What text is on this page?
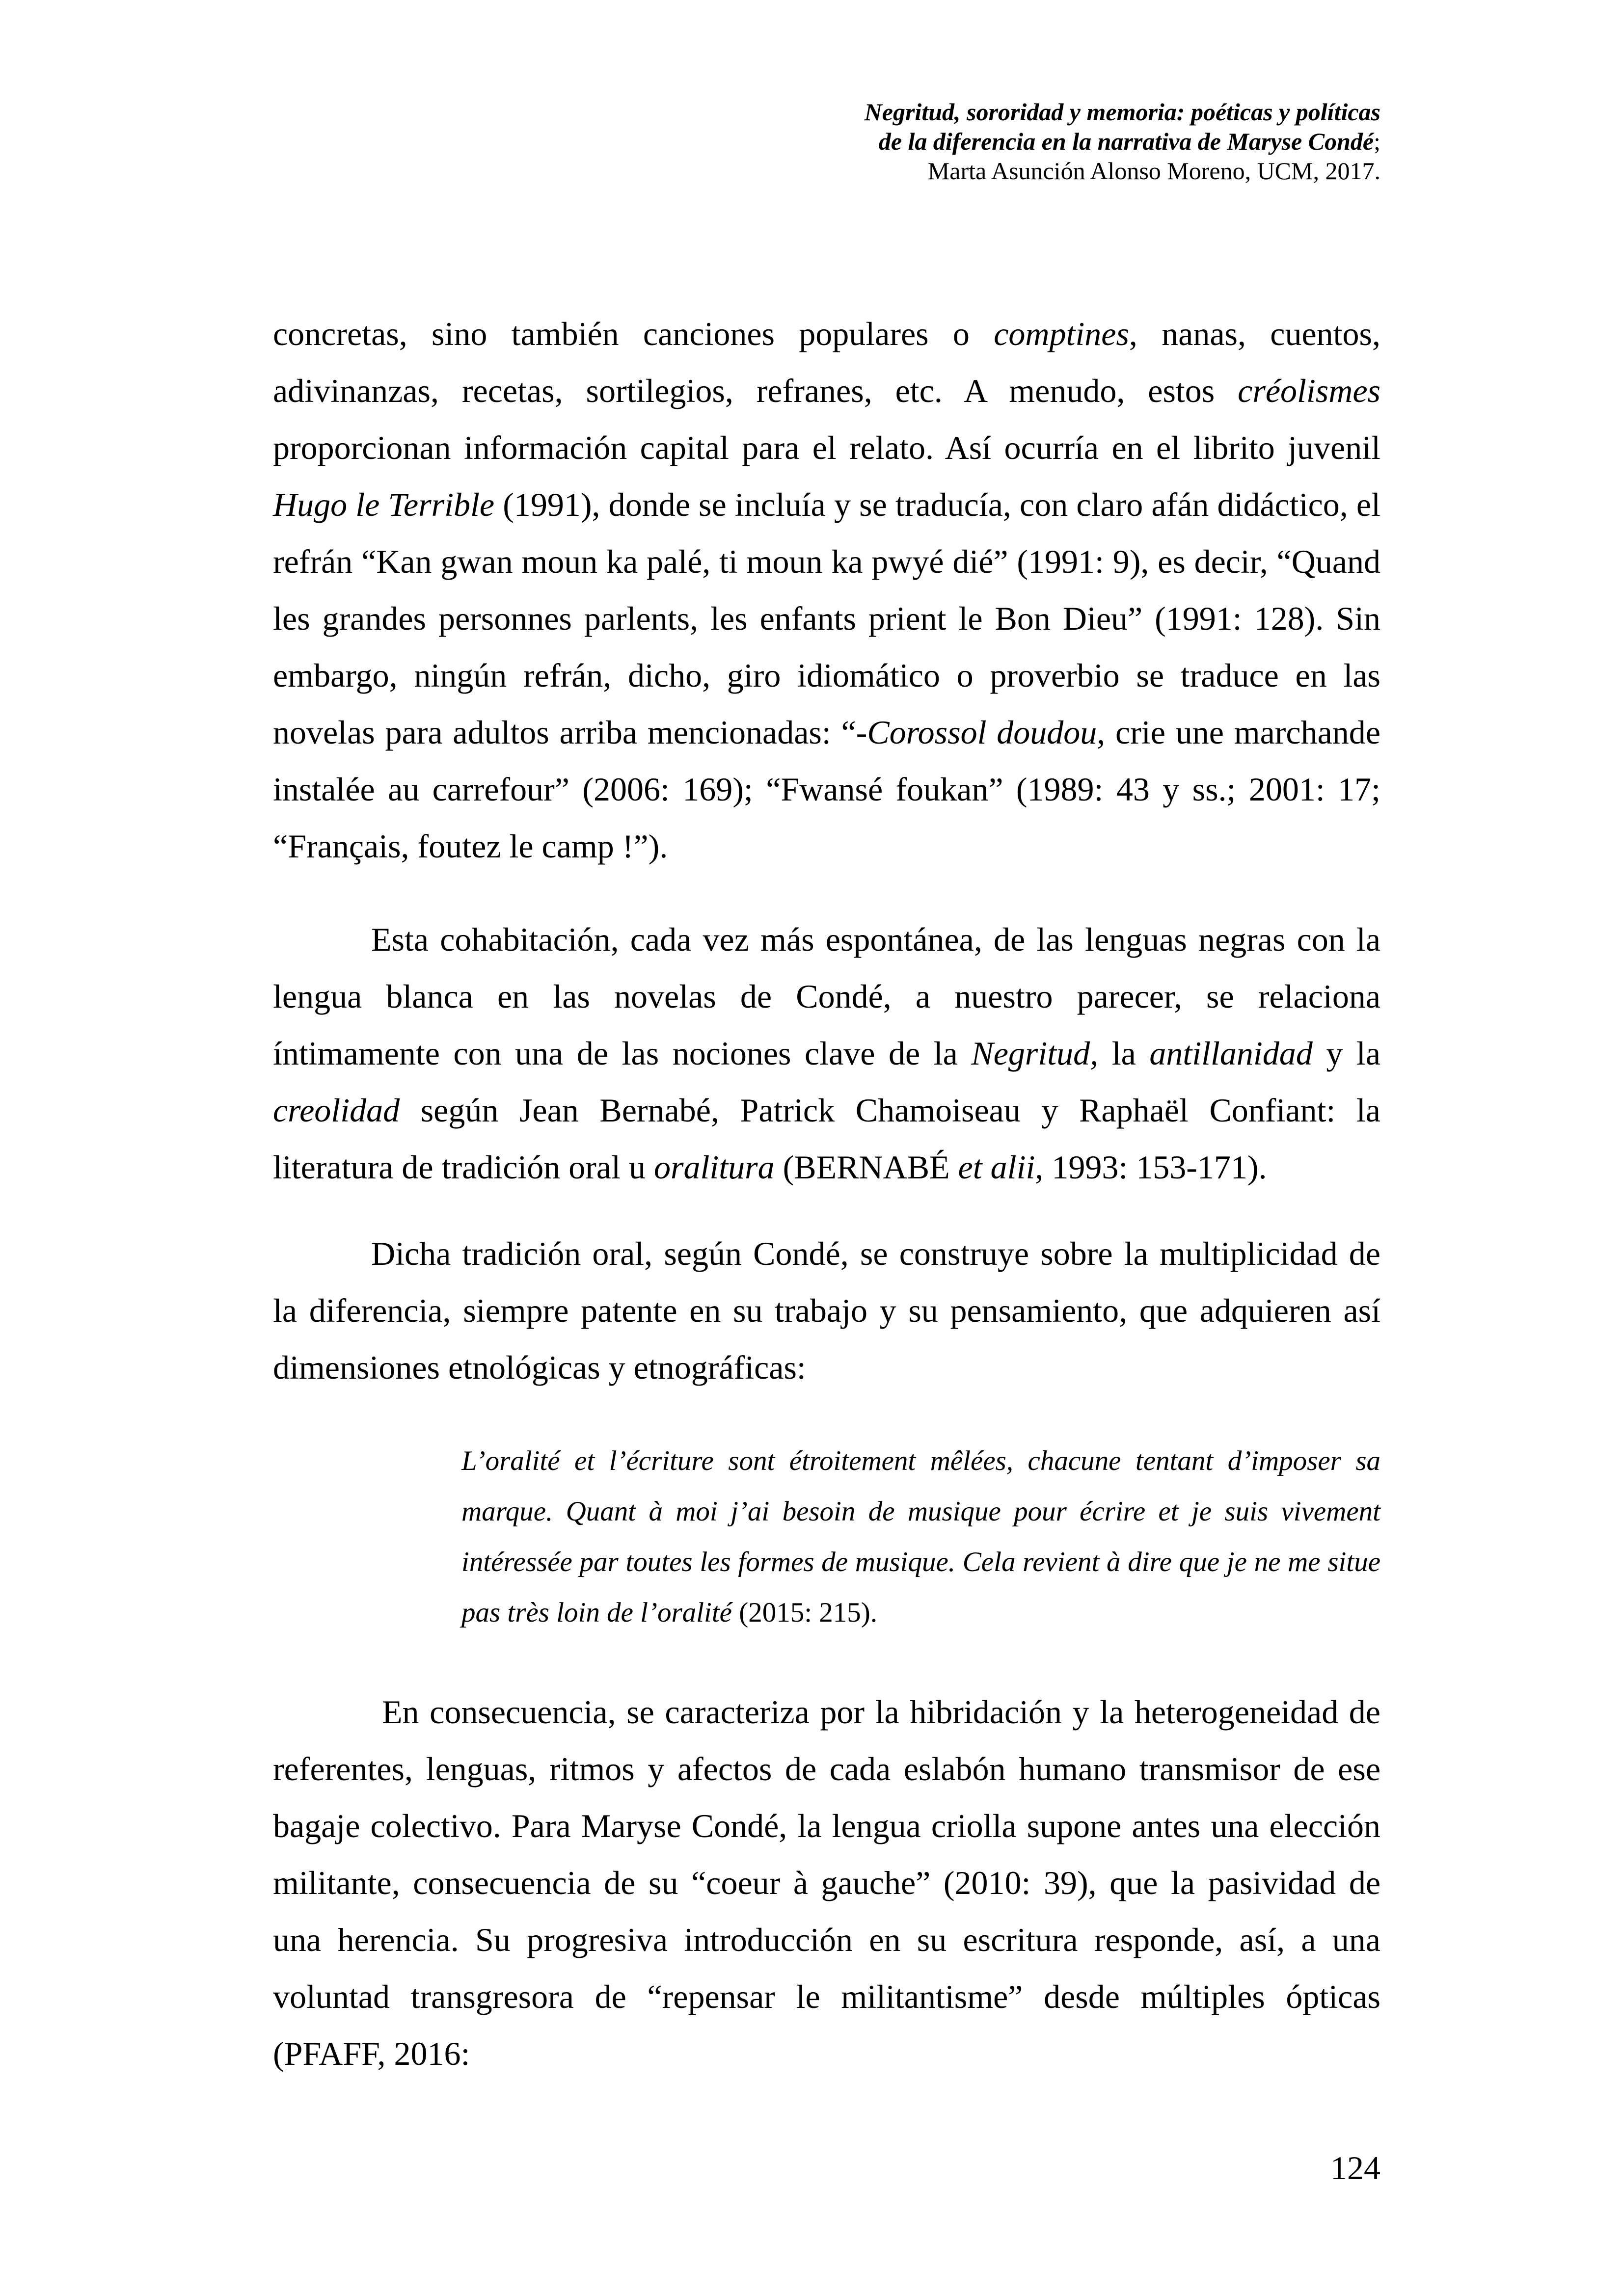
Negritud, sororidad y memoria: poéticas y políticas
de la diferencia en la narrativa de Maryse Condé;
Marta Asunción Alonso Moreno, UCM, 2017.
concretas, sino también canciones populares o comptines, nanas, cuentos, adivinanzas, recetas, sortilegios, refranes, etc. A menudo, estos créolismes proporcionan información capital para el relato. Así ocurría en el librito juvenil Hugo le Terrible (1991), donde se incluía y se traducía, con claro afán didáctico, el refrán “Kan gwan moun ka palé, ti moun ka pwyé dié” (1991: 9), es decir, “Quand les grandes personnes parlents, les enfants prient le Bon Dieu” (1991: 128). Sin embargo, ningún refrán, dicho, giro idiomático o proverbio se traduce en las novelas para adultos arriba mencionadas: “-Corossol doudou, crie une marchande instalée au carrefour” (2006: 169); “Fwansé foukan” (1989: 43 y ss.; 2001: 17; “Français, foutez le camp !”).
Esta cohabitación, cada vez más espontánea, de las lenguas negras con la lengua blanca en las novelas de Condé, a nuestro parecer, se relaciona íntimamente con una de las nociones clave de la Negritud, la antillanidad y la creolidad según Jean Bernabé, Patrick Chamoiseau y Raphaël Confiant: la literatura de tradición oral u oralitura (BERNABÉ et alii, 1993: 153-171).
Dicha tradición oral, según Condé, se construye sobre la multiplicidad de la diferencia, siempre patente en su trabajo y su pensamiento, que adquieren así dimensiones etnológicas y etnográficas:
L’oralité et l’écriture sont étroitement mêlées, chacune tentant d’imposer sa marque. Quant à moi j’ai besoin de musique pour écrire et je suis vivement intéressée par toutes les formes de musique. Cela revient à dire que je ne me situe pas très loin de l’oralité (2015: 215).
En consecuencia, se caracteriza por la hibridación y la heterogeneidad de referentes, lenguas, ritmos y afectos de cada eslabón humano transmisor de ese bagaje colectivo. Para Maryse Condé, la lengua criolla supone antes una elección militante, consecuencia de su “coeur à gauche” (2010: 39), que la pasividad de una herencia. Su progresiva introducción en su escritura responde, así, a una voluntad transgresora de “repensar le militantisme” desde múltiples ópticas (PFAFF, 2016:
124
